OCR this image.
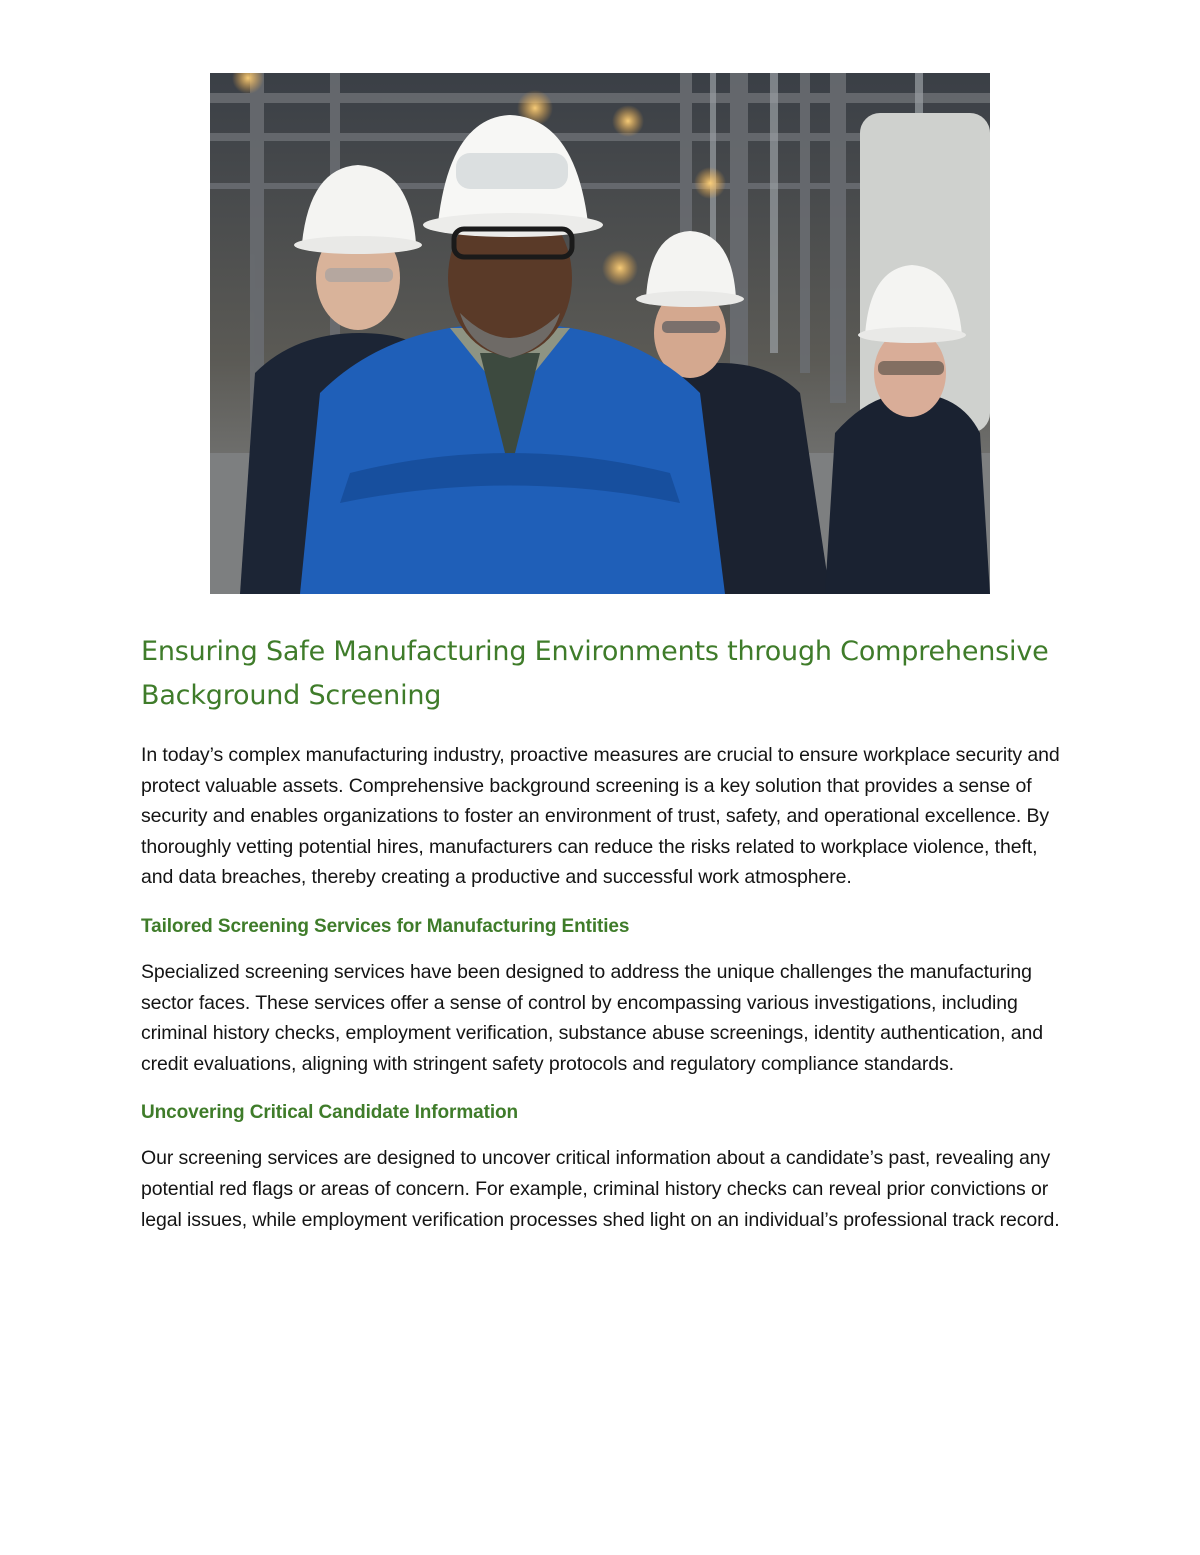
Ensuring Safe Manufacturing Environments through Comprehensive Background Screening

In today’s complex manufacturing industry, proactive measures are crucial to ensure workplace security and protect valuable assets. Comprehensive background screening is a key solution that provides a sense of security and enables organizations to foster an environment of trust, safety, and operational excellence. By thoroughly vetting potential hires, manufacturers can reduce the risks related to workplace violence, theft, and data breaches, thereby creating a productive and successful work atmosphere.

Tailored Screening Services for Manufacturing Entities

Specialized screening services have been designed to address the unique challenges the manufacturing sector faces. These services offer a sense of control by encompassing various investigations, including criminal history checks, employment verification, substance abuse screenings, identity authentication, and credit evaluations, aligning with stringent safety protocols and regulatory compliance standards.

Uncovering Critical Candidate Information

Our screening services are designed to uncover critical information about a candidate’s past, revealing any potential red flags or areas of concern. For example, criminal history checks can reveal prior convictions or legal issues, while employment verification processes shed light on an individual’s professional track record.
